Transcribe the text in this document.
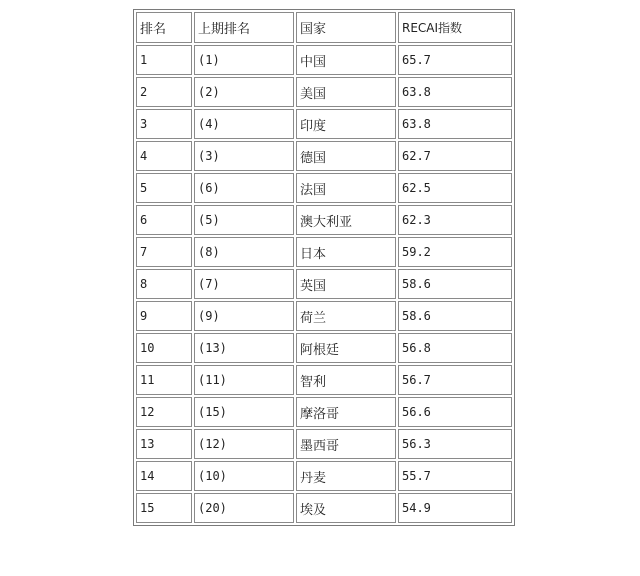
排名	上期排名	国家	RECAI指数
1	(1)	中国	65.7
2	(2)	美国	63.8
3	(4)	印度	63.8
4	(3)	德国	62.7
5	(6)	法国	62.5
6	(5)	澳大利亚	62.3
7	(8)	日本	59.2
8	(7)	英国	58.6
9	(9)	荷兰	58.6
10	(13)	阿根廷	56.8
11	(11)	智利	56.7
12	(15)	摩洛哥	56.6
13	(12)	墨西哥	56.3
14	(10)	丹麦	55.7
15	(20)	埃及	54.9
